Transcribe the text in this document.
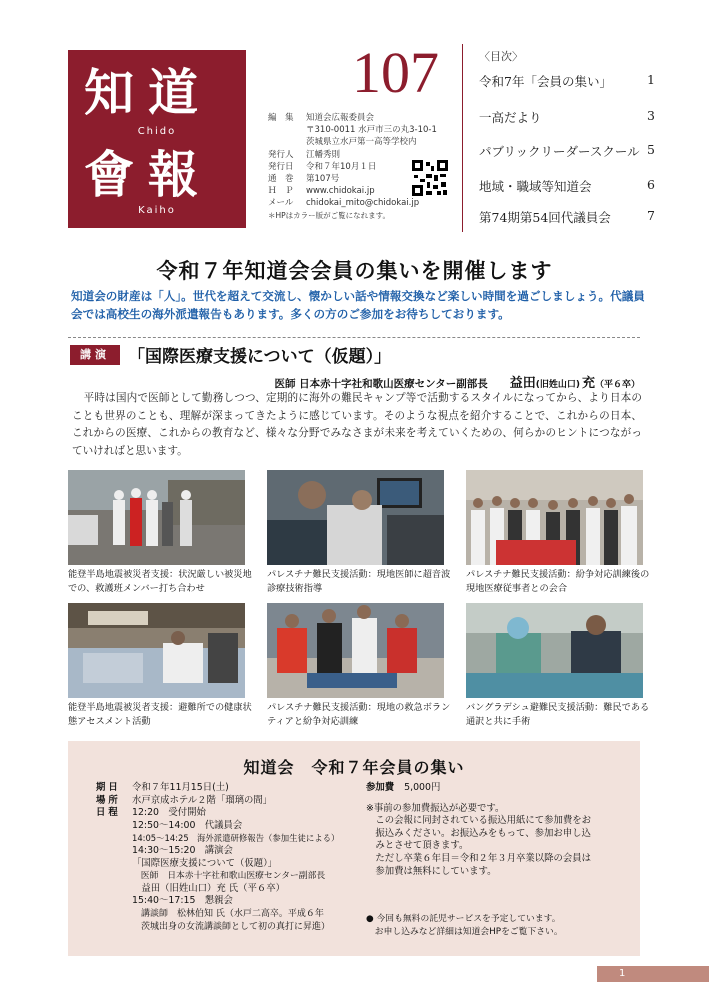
知道
Chido
會報
Kaiho
107
編　集	知道会広報委員会
〒310-0011 水戸市三の丸3-10-1
茨城県立水戸第一高等学校内
発行人	江幡秀則
発行日	令和７年10月１日
通　巻	第107号
Ｈ　Ｐ	www.chidokai.jp
メール	chidokai_mito@chidokai.jp
＊HPはカラー版がご覧になれます。
〈目次〉
令和7年「会員の集い」	1
一高だより	3
パブリックリーダースクール 5
地域・職域等知道会	6
第74期第54回代議員会	7
令和７年知道会会員の集いを開催します
知道会の財産は「人」。世代を超えて交流し、懐かしい話や情報交換など楽しい時間を過ごしましょう。代議員会では高校生の海外派遣報告もあります。多くの方のご参加をお待ちしております。
講演	「国際医療支援について（仮題）」
医師 日本赤十字社和歌山医療センター副部長 益田(旧姓山口) 充（平６卒）
平時は国内で医師として勤務しつつ、定期的に海外の難民キャンプ等で活動するスタイルになってから、より日本のことも世界のことも、理解が深まってきたように感じています。そのような視点を紹介することで、これからの日本、これからの医療、これからの教育など、様々な分野でみなさまが未来を考えていくための、何らかのヒントにつながっていければと思います。
能登半島地震被災者支援：状況厳しい被災地での、救護班メンバー打ち合わせ
パレスチナ難民支援活動：現地医師に超音波診療技術指導
パレスチナ難民支援活動：紛争対応訓練後の現地医療従事者との会合
能登半島地震被災者支援：避難所での健康状態アセスメント活動
パレスチナ難民支援活動：現地の救急ボランティアと紛争対応訓練
バングラデシュ避難民支援活動：難民である通訳と共に手術
知道会　令和７年会員の集い
期日	令和７年11月15日(土)
場所	水戸京成ホテル２階「瑠璃の間」
日程	12:20　受付開始
12:50～14:00　代議員会
14:05～14:25　海外派遣研修報告（参加生徒による）
14:30～15:20　講演会
「国際医療支援について（仮題）」
　医師　日本赤十字社和歌山医療センター副部長
　益田（旧姓山口）充 氏（平６卒）
15:40～17:15　懇親会
　講談師　松林伯知 氏（水戸二高卒。平成６年
　茨城出身の女流講談師として初の真打に昇進）
参加費 5,000円
※事前の参加費振込が必要です。
　この会報に同封されている振込用紙にて参加費をお
　振込みください。お振込みをもって、参加お申し込
　みとさせて頂きます。
　ただし卒業６年目＝令和２年３月卒業以降の会員は
　参加費は無料にしています。
● 今回も無料の託児サービスを予定しています。
　お申し込みなど詳細は知道会HPをご覧下さい。
1
